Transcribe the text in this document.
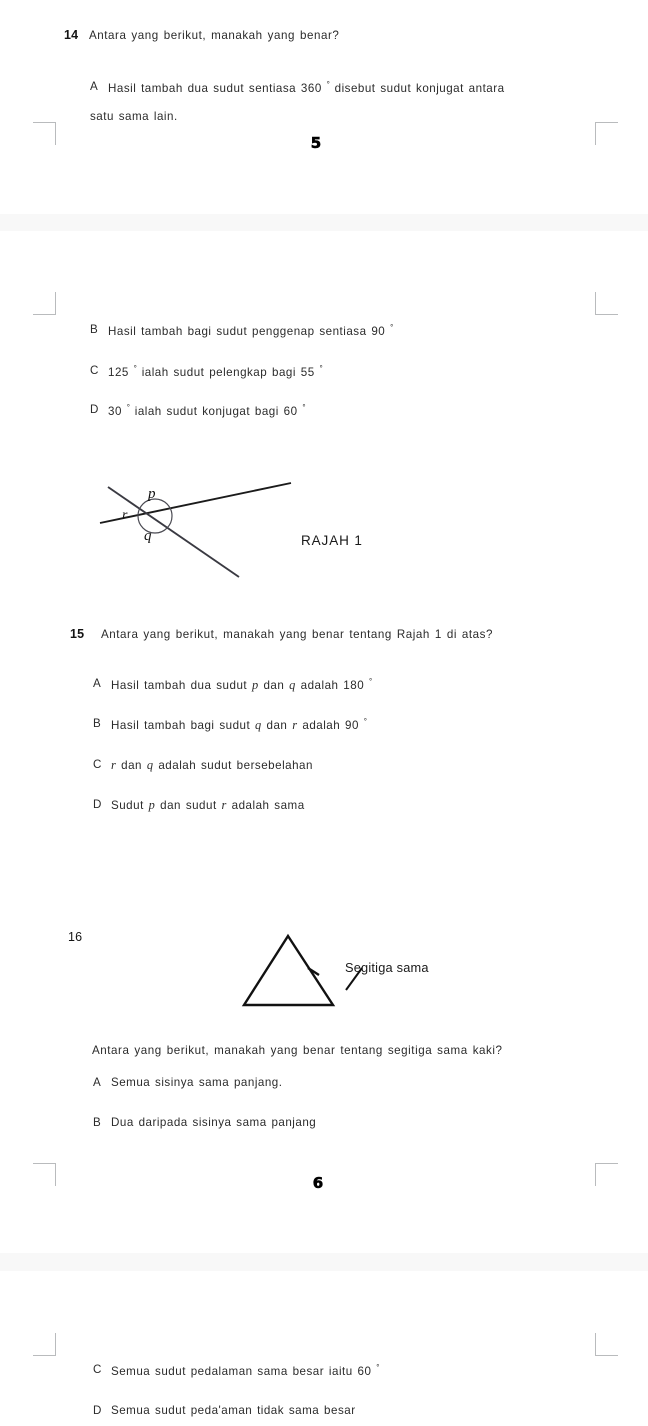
14 Antara yang berikut, manakah yang benar?
A Hasil tambah dua sudut sentiasa 360 ° disebut sudut konjugat antara
satu sama lain.
5
B Hasil tambah bagi sudut penggenap sentiasa 90 °
C 125 ° ialah sudut pelengkap bagi 55 °
D 30 ° ialah sudut konjugat bagi 60 °
p
r
q	RAJAH 1
15 Antara yang berikut, manakah yang benar tentang Rajah 1 di atas?
A Hasil tambah dua sudut p dan q adalah 180 °
B Hasil tambah bagi sudut q dan r adalah 90 °
C r dan q adalah sudut bersebelahan
D Sudut p dan sudut r adalah sama
16
Segitiga sama
Antara yang berikut, manakah yang benar tentang segitiga sama kaki?
A Semua sisinya sama panjang.
B Dua daripada sisinya sama panjang
6
C Semua sudut pedalaman sama besar iaitu 60 °
D Semua sudut peda'aman tidak sama besar
